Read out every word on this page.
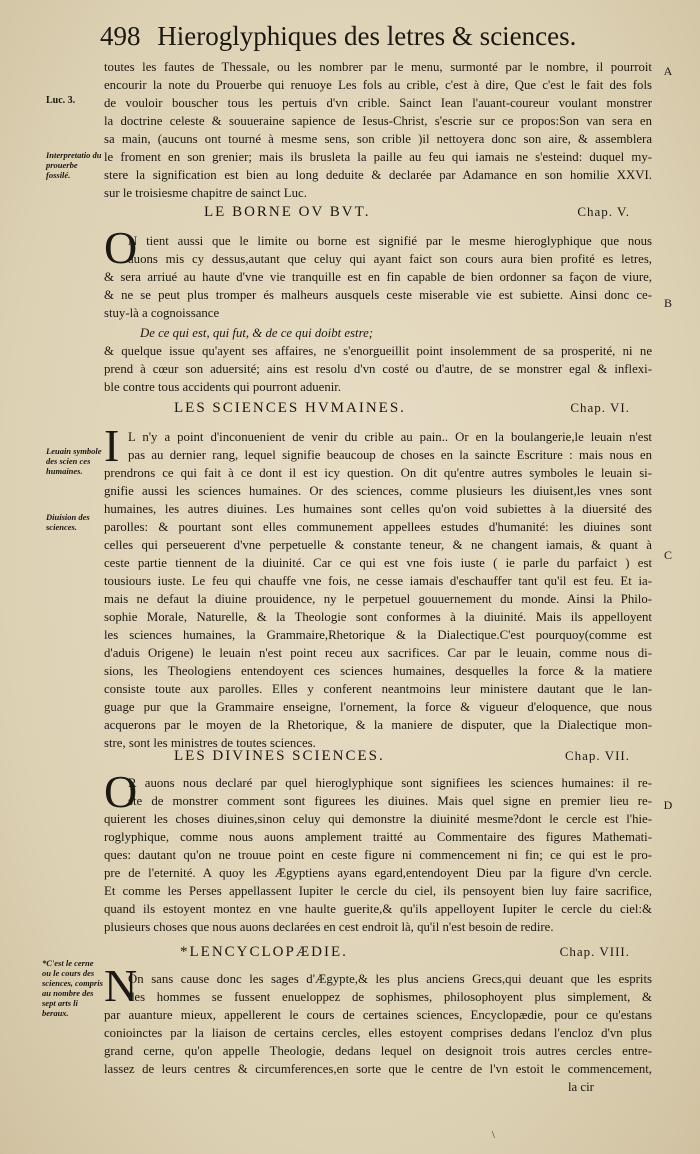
498 Hieroglyphiques des letres & sciences.
toutes les fautes de Thessale, ou les nombrer par le menu, surmonté par le nombre, il pourroit
encourir la note du Prouerbe qui renuoye Les fols au crible, c'est à dire, Que c'est le fait des fols
de vouloir bouscher tous les pertuis d'vn crible. Sainct Iean l'auant-coureur voulant monstrer
la doctrine celeste & souueraine sapience de Iesus-Christ, s'escrie sur ce propos:Son van sera en
sa main, (aucuns ont tourné à mesme sens, son crible )il nettoyera donc son aire, & assemblera
le froment en son grenier; mais ils brusleta la paille au feu qui iamais ne s'esteind: duquel my-
stere la signification est bien au long deduite & declarée par Adamance en son homilie XXVI.
sur le troisiesme chapitre de sainct Luc.
Luc. 3.
Interpretatio du prouerbe fossilé.
A
LE BORNE OV BVT.	Chap. V.
O
N tient aussi que le limite ou borne est signifié par le mesme hieroglyphique que nous
auons mis cy dessus,autant que celuy qui ayant faict son cours aura bien profité es letres,
& sera arriué au haute d'vne vie tranquille est en fin capable de bien ordonner sa façon de viure,
& ne se peut plus tromper és malheurs ausquels ceste miserable vie est subiette. Ainsi donc ce-
stuy-là a cognoissance
De ce qui est, qui fut, & de ce qui doibt estre;
& quelque issue qu'ayent ses affaires, ne s'enorgueillit point insolemment de sa prosperité, ni ne
prend à cœur son aduersité; ains est resolu d'vn costé ou d'autre, de se monstrer egal & inflexi-
ble contre tous accidents qui pourront aduenir.
B
LES SCIENCES HVMAINES.	Chap. VI.
I L n'y a point d'inconuenient de venir du crible au pain.. Or en la boulangerie,le leuain n'est
pas au dernier rang, lequel signifie beaucoup de choses en la saincte Escriture : mais nous en
prendrons ce qui fait à ce dont il est icy question. On dit qu'entre autres symboles le leuain si-
gnifie aussi les sciences humaines. Or des sciences, comme plusieurs les diuisent,les vnes sont
humaines, les autres diuines. Les humaines sont celles qu'on void subiettes à la diuersité des
parolles: & pourtant sont elles communement appellees estudes d'humanité: les diuines sont
celles qui perseuerent d'vne perpetuelle & constante teneur, & ne changent iamais, & quant à
ceste partie tiennent de la diuinité. Car ce qui est vne fois iuste ( ie parle du parfaict ) est
tousiours iuste. Le feu qui chauffe vne fois, ne cesse iamais d'eschauffer tant qu'il est feu. Et ia-
mais ne defaut la diuine prouidence, ny le perpetuel gouuernement du monde. Ainsi la Philo-
sophie Morale, Naturelle, & la Theologie sont conformes à la diuinité. Mais ils appelloyent
les sciences humaines, la Grammaire,Rhetorique & la Dialectique.C'est pourquoy(comme est
d'aduis Origene) le leuain n'est point receu aux sacrifices. Car par le leuain, comme nous di-
sions, les Theologiens entendoyent ces sciences humaines, desquelles la force & la matiere
consiste toute aux parolles. Elles y conferent neantmoins leur ministere dautant que le lan-
guage pur que la Grammaire enseigne, l'ornement, la force & vigueur d'eloquence, que nous
acquerons par le moyen de la Rhetorique, & la maniere de disputer, que la Dialectique mon-
stre, sont les ministres de toutes sciences.
Leuain symbole des scien ces humaines.
Diuision des sciences.
C
LES DIVINES SCIENCES.	Chap. VII.
O
R auons nous declaré par quel hieroglyphique sont signifiees les sciences humaines: il re-
ste de monstrer comment sont figurees les diuines. Mais quel signe en premier lieu re-
quierent les choses diuines,sinon celuy qui demonstre la diuinité mesme?dont le cercle est l'hie-
roglyphique, comme nous auons amplement traitté au Commentaire des figures Mathemati-
ques: dautant qu'on ne trouue point en ceste figure ni commencement ni fin; ce qui est le pro-
pre de l'eternité. A quoy les Ægyptiens ayans egard,entendoyent Dieu par la figure d'vn cercle.
Et comme les Perses appellassent Iupiter le cercle du ciel, ils pensoyent bien luy faire sacrifice,
quand ils estoyent montez en vne haulte guerite,& qu'ils appelloyent Iupiter le cercle du ciel:&
plusieurs choses que nous auons declarées en cest endroit là, qu'il n'est besoin de redire.
D
*LENCYCLOPÆDIE.	Chap. VIII.
N
On sans cause donc les sages d'Ægypte,& les plus anciens Grecs,qui deuant que les esprits
des hommes se fussent enueloppez de sophismes, philosophoyent plus simplement, &
par auanture mieux, appellerent le cours de certaines sciences, Encyclopædie, pour ce qu'estans
conioinctes par la liaison de certains cercles, elles estoyent comprises dedans l'encloz d'vn plus
grand cerne, qu'on appelle Theologie, dedans lequel on designoit trois autres cercles entre-
lassez de leurs centres & circumferences,en sorte que le centre de l'vn estoit le commencement,
la cir
*C'est le cerne ou le cours des sciences, compris au nombre des sept arts li beraux.
\
